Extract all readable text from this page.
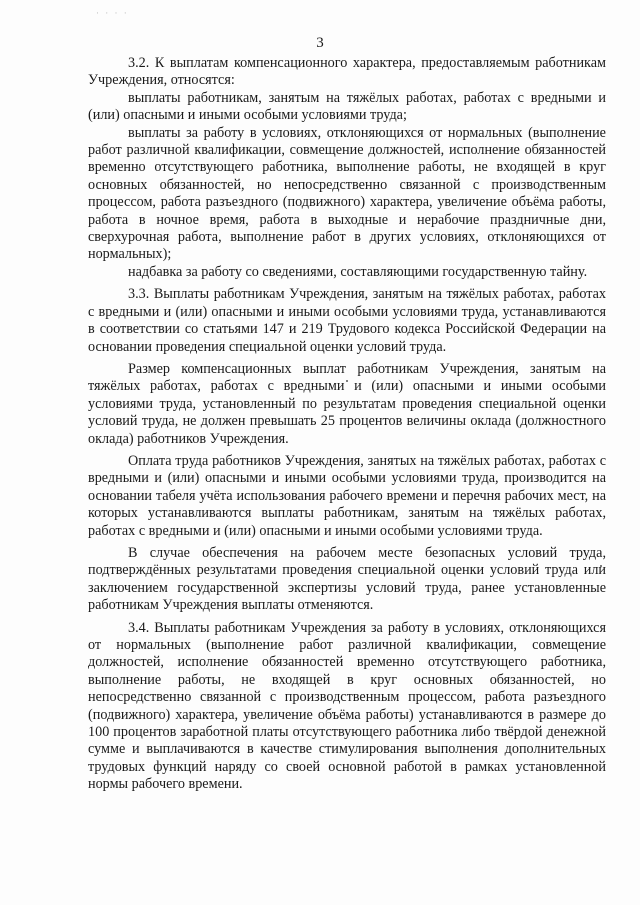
· · · ·
3

3.2. К выплатам компенсационного характера, предоставляемым работникам Учреждения, относятся:

выплаты работникам, занятым на тяжёлых работах, работах с вредными и (или) опасными и иными особыми условиями труда;

выплаты за работу в условиях, отклоняющихся от нормальных (выполнение работ различной квалификации, совмещение должностей, исполнение обязанностей временно отсутствующего работника, выполнение работы, не входящей в круг основных обязанностей, но непосредственно связанной с производственным процессом, работа разъездного (подвижного) характера, увеличение объёма работы, работа в ночное время, работа в выходные и нерабочие праздничные дни, сверхурочная работа, выполнение работ в других условиях, отклоняющихся от нормальных);

надбавка за работу со сведениями, составляющими государственную тайну.

3.3. Выплаты работникам Учреждения, занятым на тяжёлых работах, работах с вредными и (или) опасными и иными особыми условиями труда, устанавливаются в соответствии со статьями 147 и 219 Трудового кодекса Российской Федерации на основании проведения специальной оценки условий труда.

Размер компенсационных выплат работникам Учреждения, занятым на тяжёлых работах, работах с вредными и (или) опасными и иными особыми условиями труда, установленный по результатам проведения специальной оценки условий труда, не должен превышать 25 процентов величины оклада (должностного оклада) работников Учреждения.

Оплата труда работников Учреждения, занятых на тяжёлых работах, работах с вредными и (или) опасными и иными особыми условиями труда, производится на основании табеля учёта использования рабочего времени и перечня рабочих мест, на которых устанавливаются выплаты работникам, занятым на тяжёлых работах, работах с вредными и (или) опасными и иными особыми условиями труда.

В случае обеспечения на рабочем месте безопасных условий труда, подтверждённых результатами проведения специальной оценки условий труда или заключением государственной экспертизы условий труда, ранее установленные работникам Учреждения выплаты отменяются.

3.4. Выплаты работникам Учреждения за работу в условиях, отклоняющихся от нормальных (выполнение работ различной квалификации, совмещение должностей, исполнение обязанностей временно отсутствующего работника, выполнение работы, не входящей в круг основных обязанностей, но непосредственно связанной с производственным процессом, работа разъездного (подвижного) характера, увеличение объёма работы) устанавливаются в размере до 100 процентов заработной платы отсутствующего работника либо твёрдой денежной сумме и выплачиваются в качестве стимулирования выполнения дополнительных трудовых функций наряду со своей основной работой в рамках установленной нормы рабочего времени.
